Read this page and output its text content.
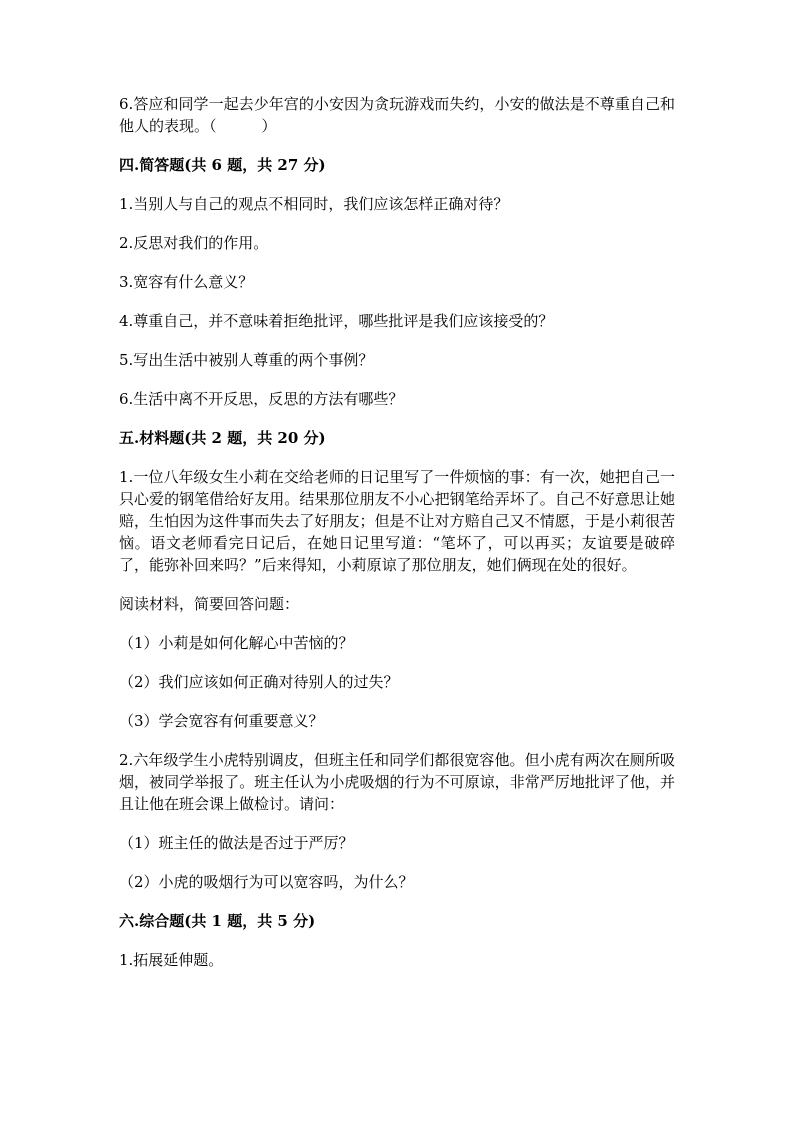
6.答应和同学一起去少年宫的小安因为贪玩游戏而失约，小安的做法是不尊重自己和他人的表现。（　　　）

四.简答题(共 6 题，共 27 分)

1.当别人与自己的观点不相同时，我们应该怎样正确对待？

2.反思对我们的作用。

3.宽容有什么意义？

4.尊重自己，并不意味着拒绝批评，哪些批评是我们应该接受的？

5.写出生活中被别人尊重的两个事例？

6.生活中离不开反思，反思的方法有哪些？

五.材料题(共 2 题，共 20 分)

1.一位八年级女生小莉在交给老师的日记里写了一件烦恼的事：有一次，她把自己一只心爱的钢笔借给好友用。结果那位朋友不小心把钢笔给弄坏了。自己不好意思让她赔，生怕因为这件事而失去了好朋友；但是不让对方赔自己又不情愿，于是小莉很苦恼。语文老师看完日记后，在她日记里写道：“笔坏了，可以再买；友谊要是破碎了，能弥补回来吗？”后来得知，小莉原谅了那位朋友，她们俩现在处的很好。

阅读材料，简要回答问题：

（1）小莉是如何化解心中苦恼的？

（2）我们应该如何正确对待别人的过失？

（3）学会宽容有何重要意义？

2.六年级学生小虎特别调皮，但班主任和同学们都很宽容他。但小虎有两次在厕所吸烟，被同学举报了。班主任认为小虎吸烟的行为不可原谅，非常严厉地批评了他，并且让他在班会课上做检讨。请问：

（1）班主任的做法是否过于严厉？

（2）小虎的吸烟行为可以宽容吗，为什么？

六.综合题(共 1 题，共 5 分)

1.拓展延伸题。
